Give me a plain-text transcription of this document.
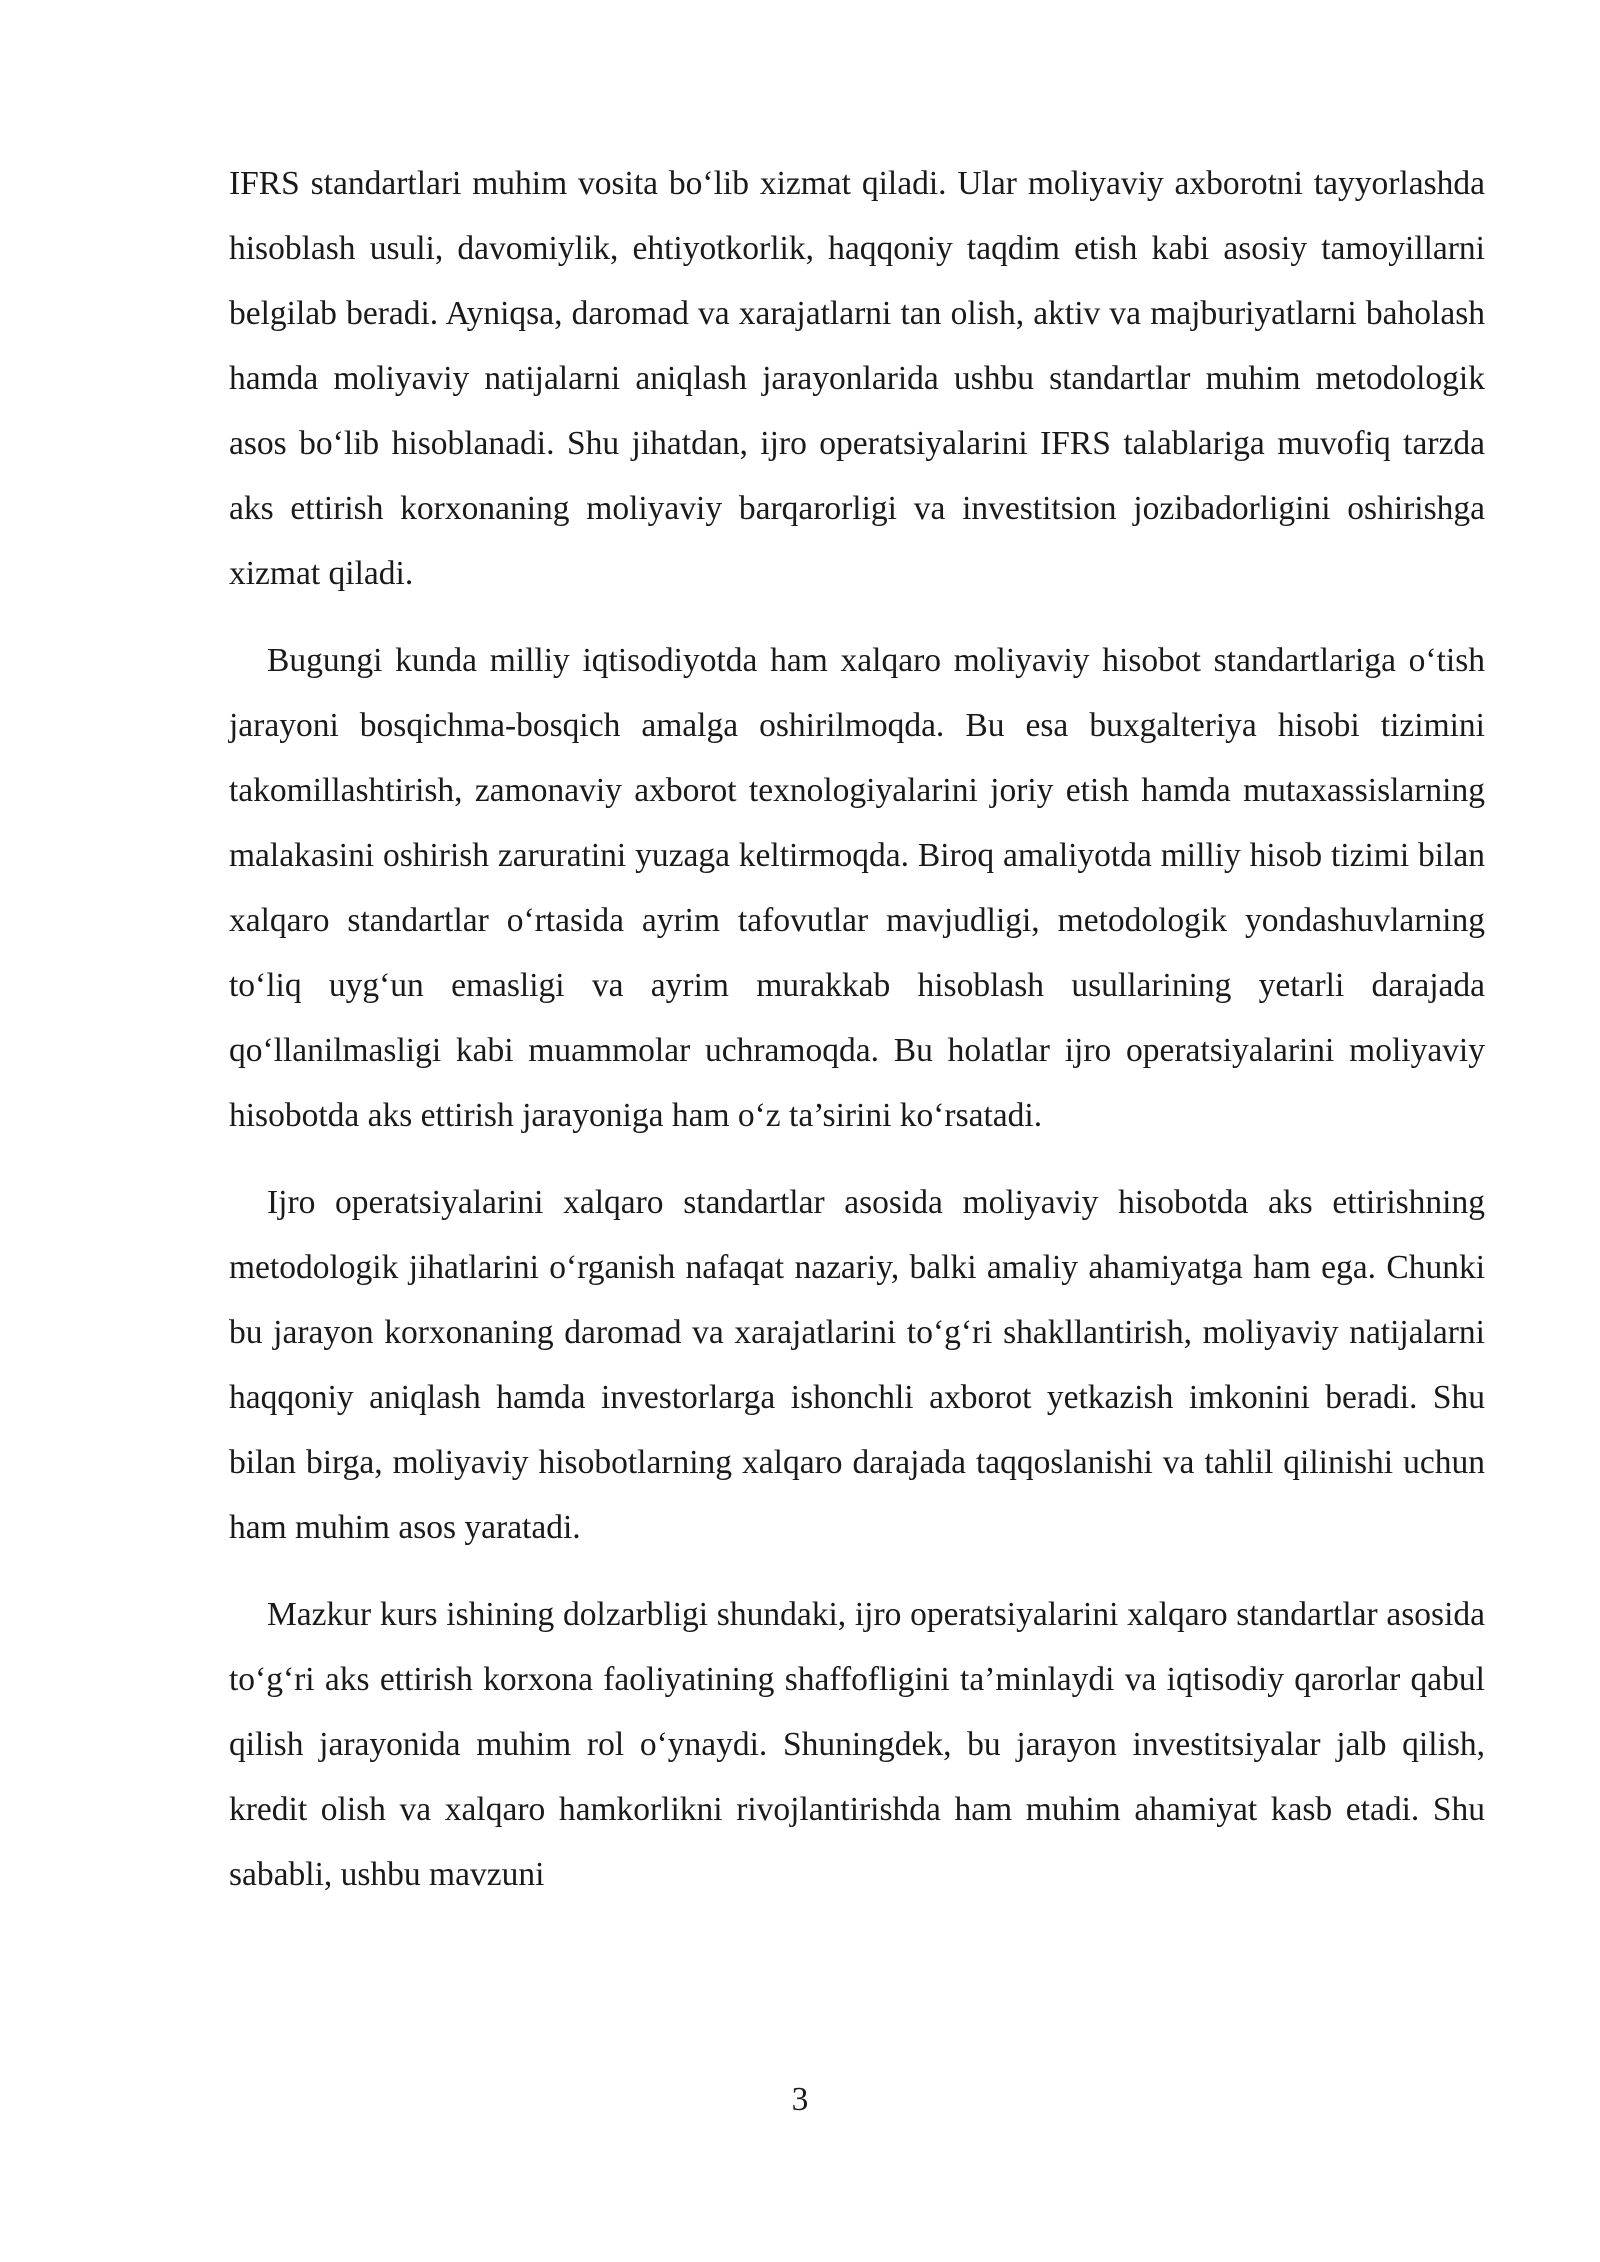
IFRS standartlari muhim vosita bo‘lib xizmat qiladi. Ular moliyaviy axborotni tayyorlashda hisoblash usuli, davomiylik, ehtiyotkorlik, haqqoniy taqdim etish kabi asosiy tamoyillarni belgilab beradi. Ayniqsa, daromad va xarajatlarni tan olish, aktiv va majburiyatlarni baholash hamda moliyaviy natijalarni aniqlash jarayonlarida ushbu standartlar muhim metodologik asos bo‘lib hisoblanadi. Shu jihatdan, ijro operatsiyalarini IFRS talablariga muvofiq tarzda aks ettirish korxonaning moliyaviy barqarorligi va investitsion jozibadorligini oshirishga xizmat qiladi.

Bugungi kunda milliy iqtisodiyotda ham xalqaro moliyaviy hisobot standartlariga o‘tish jarayoni bosqichma-bosqich amalga oshirilmoqda. Bu esa buxgalteriya hisobi tizimini takomillashtirish, zamonaviy axborot texnologiyalarini joriy etish hamda mutaxassislarning malakasini oshirish zaruratini yuzaga keltirmoqda. Biroq amaliyotda milliy hisob tizimi bilan xalqaro standartlar o‘rtasida ayrim tafovutlar mavjudligi, metodologik yondashuvlarning to‘liq uyg‘un emasligi va ayrim murakkab hisoblash usullarining yetarli darajada qo‘llanilmasligi kabi muammolar uchramoqda. Bu holatlar ijro operatsiyalarini moliyaviy hisobotda aks ettirish jarayoniga ham o‘z ta’sirini ko‘rsatadi.

Ijro operatsiyalarini xalqaro standartlar asosida moliyaviy hisobotda aks ettirishning metodologik jihatlarini o‘rganish nafaqat nazariy, balki amaliy ahamiyatga ham ega. Chunki bu jarayon korxonaning daromad va xarajatlarini to‘g‘ri shakllantirish, moliyaviy natijalarni haqqoniy aniqlash hamda investorlarga ishonchli axborot yetkazish imkonini beradi. Shu bilan birga, moliyaviy hisobotlarning xalqaro darajada taqqoslanishi va tahlil qilinishi uchun ham muhim asos yaratadi.

Mazkur kurs ishining dolzarbligi shundaki, ijro operatsiyalarini xalqaro standartlar asosida to‘g‘ri aks ettirish korxona faoliyatining shaffofligini ta’minlaydi va iqtisodiy qarorlar qabul qilish jarayonida muhim rol o‘ynaydi. Shuningdek, bu jarayon investitsiyalar jalb qilish, kredit olish va xalqaro hamkorlikni rivojlantirishda ham muhim ahamiyat kasb etadi. Shu sababli, ushbu mavzuni

3
